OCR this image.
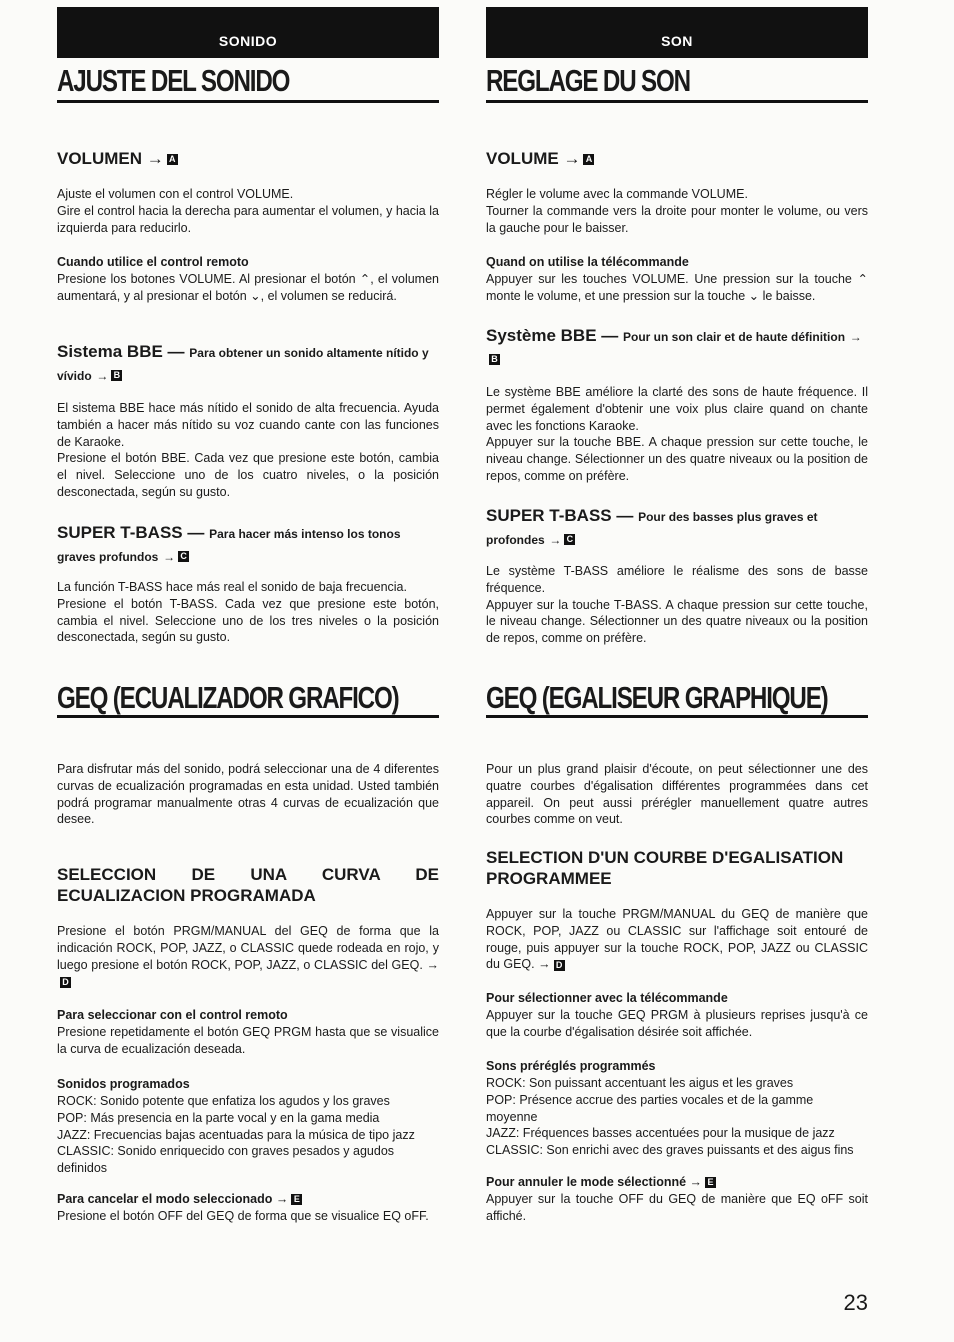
SONIDO
AJUSTE DEL SONIDO
VOLUMEN → A
Ajuste el volumen con el control VOLUME.
Gire el control hacia la derecha para aumentar el volumen, y hacia la izquierda para reducirlo.
Cuando utilice el control remoto
Presione los botones VOLUME. Al presionar el botón ⌃, el volumen aumentará, y al presionar el botón ⌄, el volumen se reducirá.
Sistema BBE — Para obtener un sonido altamente nítido y vívido → B
El sistema BBE hace más nítido el sonido de alta frecuencia. Ayuda también a hacer más nítido su voz cuando cante con las funciones de Karaoke.
Presione el botón BBE. Cada vez que presione este botón, cambia el nivel. Seleccione uno de los cuatro niveles, o la posición desconectada, según su gusto.
SUPER T-BASS — Para hacer más intenso los tonos graves profundos → C
La función T-BASS hace más real el sonido de baja frecuencia.
Presione el botón T-BASS. Cada vez que presione este botón, cambia el nivel. Seleccione uno de los tres niveles o la posición desconectada, según su gusto.
GEQ (ECUALIZADOR GRAFICO)
Para disfrutar más del sonido, podrá seleccionar una de 4 diferentes curvas de ecualización programadas en esta unidad. Usted también podrá programar manualmente otras 4 curvas de ecualización que desee.
SELECCION DE UNA CURVA DE ECUALIZACION PROGRAMADA
Presione el botón PRGM/MANUAL del GEQ de forma que la indicación ROCK, POP, JAZZ, o CLASSIC quede rodeada en rojo, y luego presione el botón ROCK, POP, JAZZ, o CLASSIC del GEQ. →D
Para seleccionar con el control remoto
Presione repetidamente el botón GEQ PRGM hasta que se visualice la curva de ecualización deseada.
Sonidos programados
ROCK: Sonido potente que enfatiza los agudos y los graves
POP: Más presencia en la parte vocal y en la gama media
JAZZ: Frecuencias bajas acentuadas para la música de tipo jazz
CLASSIC: Sonido enriquecido con graves pesados y agudos definidos
Para cancelar el modo seleccionado → E
Presione el botón OFF del GEQ de forma que se visualice EQ oFF.
SON
REGLAGE DU SON
VOLUME → A
Régler le volume avec la commande VOLUME.
Tourner la commande vers la droite pour monter le volume, ou vers la gauche pour le baisser.
Quand on utilise la télécommande
Appuyer sur les touches VOLUME. Une pression sur la touche ⌃ monte le volume, et une pression sur la touche ⌄ le baisse.
Système BBE — Pour un son clair et de haute définition →B
Le système BBE améliore la clarté des sons de haute fréquence. Il permet également d'obtenir une voix plus claire quand on chante avec les fonctions Karaoke.
Appuyer sur la touche BBE. A chaque pression sur cette touche, le niveau change. Sélectionner un des quatre niveaux ou la position de repos, comme on préfère.
SUPER T-BASS — Pour des basses plus graves et profondes → C
Le système T-BASS améliore le réalisme des sons de basse fréquence.
Appuyer sur la touche T-BASS. A chaque pression sur cette touche, le niveau change. Sélectionner un des quatre niveaux ou la position de repos, comme on préfère.
GEQ (EGALISEUR GRAPHIQUE)
Pour un plus grand plaisir d'écoute, on peut sélectionner une des quatre courbes d'égalisation différentes programmées dans cet appareil. On peut aussi prérégler manuellement quatre autres courbes comme on veut.
SELECTION D'UN COURBE D'EGALISATION PROGRAMMEE
Appuyer sur la touche PRGM/MANUAL du GEQ de manière que ROCK, POP, JAZZ ou CLASSIC sur l'affichage soit entouré de rouge, puis appuyer sur la touche ROCK, POP, JAZZ ou CLASSIC du GEQ. → D
Pour sélectionner avec la télécommande
Appuyer sur la touche GEQ PRGM à plusieurs reprises jusqu'à ce que la courbe d'égalisation désirée soit affichée.
Sons préréglés programmés
ROCK: Son puissant accentuant les aigus et les graves
POP: Présence accrue des parties vocales et de la gamme moyenne
JAZZ: Fréquences basses accentuées pour la musique de jazz
CLASSIC: Son enrichi avec des graves puissants et des aigus fins
Pour annuler le mode sélectionné → E
Appuyer sur la touche OFF du GEQ de manière que EQ oFF soit affiché.
23
